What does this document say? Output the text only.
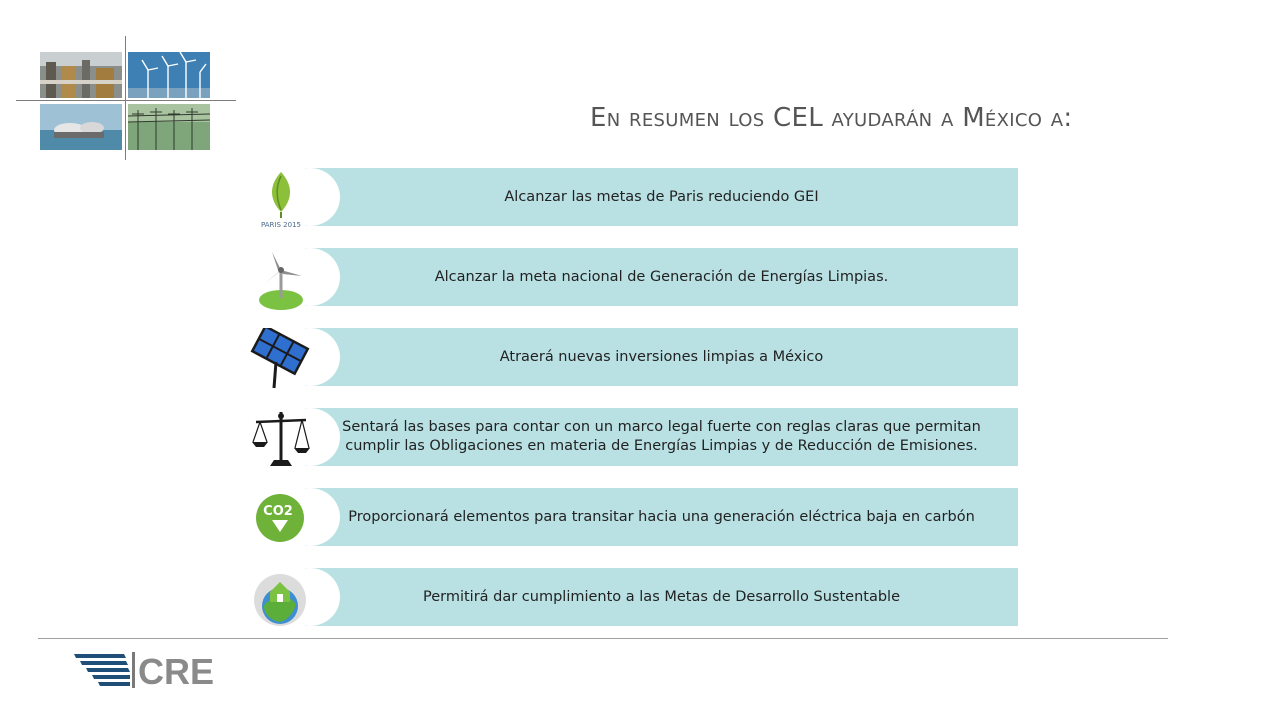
En resumen los CEL ayudarán a México a:
Alcanzar las metas de Paris reduciendo GEI
PARIS 2015
Alcanzar la meta nacional de Generación de Energías Limpias.
Atraerá nuevas inversiones limpias a México
Sentará las bases para contar con un marco legal fuerte con reglas claras que permitan cumplir las Obligaciones en materia de Energías Limpias y de Reducción de Emisiones.
Proporcionará elementos para transitar hacia una generación eléctrica baja en carbón
CO2
Permitirá dar cumplimiento a las Metas de Desarrollo Sustentable
CRE
